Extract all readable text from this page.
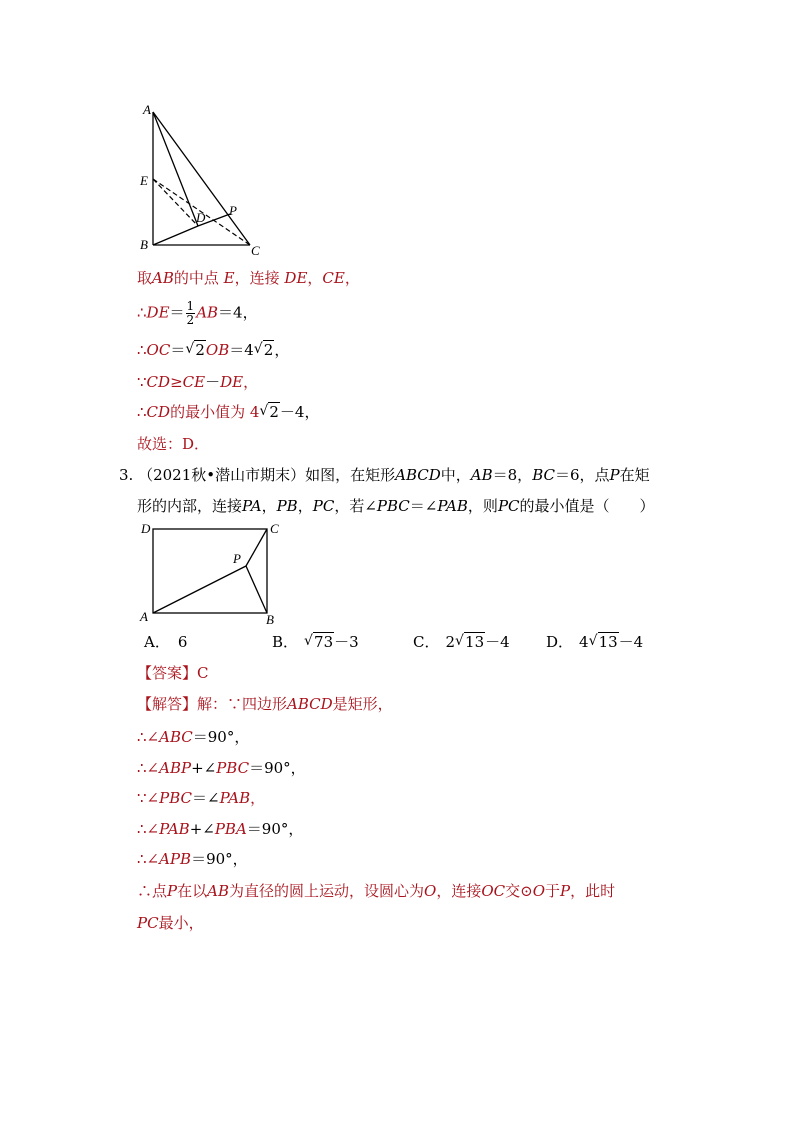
A
E
B	C
D P
取AB的中点 E，连接 DE，CE，
∴DE＝ $\frac{1}{2} AB=4$，
∴OC＝ √ 2OB＝4 √ 2，
∵CD≥CE－DE，
∴CD的最小值为 4 √ 2－4，
故选：D．
3. （2021秋•潜山市期末）如图，在矩形ABCD中，AB＝8，BC＝6，点P在矩
形的内部，连接PA，PB，PC，若∠PBC＝∠PAB，则PC的最小值是（　　）
D	C
P
A	B
A． 6	B． √ 73－3	C． 2 √ 13－4 D． 4 √ 13－4
【答案】C
【解答】解：∵四边形ABCD是矩形，
∴∠ABC＝90°，
∴∠ABP+∠PBC＝90°，
∵∠PBC＝∠PAB，
∴∠PAB+∠PBA＝90°，
∴∠APB＝90°，
∴点P在以AB为直径的圆上运动，设圆心为O，连接OC交⊙O于P，此时
PC最小，
